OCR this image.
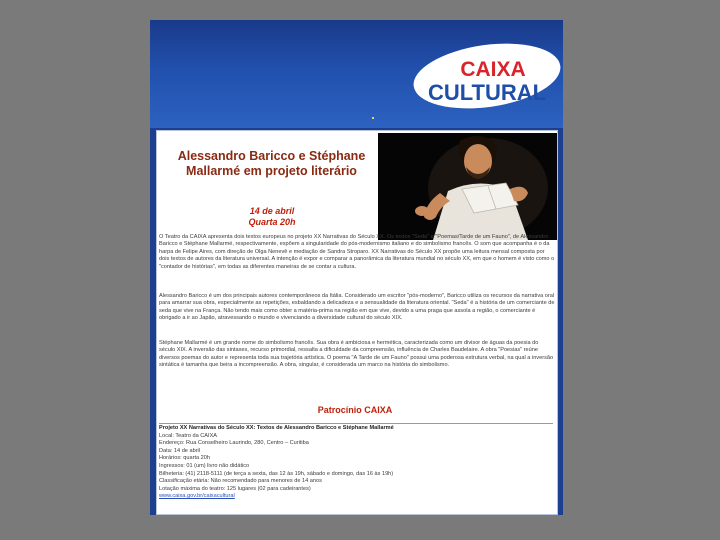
CAIXA
CULTURAL
Alessandro Baricco e Stéphane Mallarmé em projeto literário
14 de abril
Quarta 20h

O Teatro da CAIXA apresenta dois textos europeus no projeto XX Narrativas do Século XX. Os textos "Seda" e "Poemas/Tarde de um Fauno", de Alessandro Baricco e Stéphane Mallarmé, respectivamente, expõem a singularidade do pós-modernismo italiano e do simbolismo francês. O som que acompanha é o da harpa de Felipe Aires, com direção de Olga Nenevê e mediação de Sandra Stroparo. XX Narrativas do Século XX propõe uma leitura mensal composta por dois textos de autores da literatura universal. A intenção é expor e comparar a panorâmica da literatura mundial no século XX, em que o homem é visto como o "contador de histórias", em todas as diferentes maneiras de se contar a cultura.

Alessandro Baricco é um dos principais autores contemporâneos da Itália. Considerado um escritor "pós-moderno", Baricco utiliza os recursos da narrativa oral para amarrar sua obra, especialmente as repetições, esbaldando a delicadeza e a sensualidade da literatura oriental. "Seda" é a história de um comerciante de seda que vive na França. Não tendo mais como obter a matéria-prima na região em que vive, devido a uma praga que assola a região, o comerciante é obrigado a ir ao Japão, atravessando o mundo e vivenciando a diversidade cultural do século XIX.

Stéphane Mallarmé é um grande nome do simbolismo francês. Sua obra é ambiciosa e hermética, caracterizada como um divisor de águas da poesia do século XIX. A inversão das sintaxes, recurso primordial, ressalta a dificuldade da compreensão, influência de Charles Baudelaire. A obra "Poesias" reúne diversos poemas do autor e representa toda sua trajetória artística. O poema "A Tarde de um Fauno" possui uma poderosa estrutura verbal, na qual a inversão sintática é tamanha que beira a incompreensão. A obra, singular, é considerada um marco na história do simbolismo.

Patrocínio CAIXA
Projeto XX Narrativas do Século XX: Textos de Alessandro Baricco e Stéphane Mallarmé
Local: Teatro da CAIXA
Endereço: Rua Conselheiro Laurindo, 280, Centro – Curitiba
Data: 14 de abril
Horários: quarta 20h
Ingressos: 01 (um) livro não didático
Bilheteria: (41) 2118-5111 (de terça a sexta, das 12 às 19h, sábado e domingo, das 16 às 19h)
Classificação etária: Não recomendado para menores de 14 anos
Lotação máxima do teatro: 125 lugares (02 para cadeirantes)
www.caixa.gov.br/caixacultural
